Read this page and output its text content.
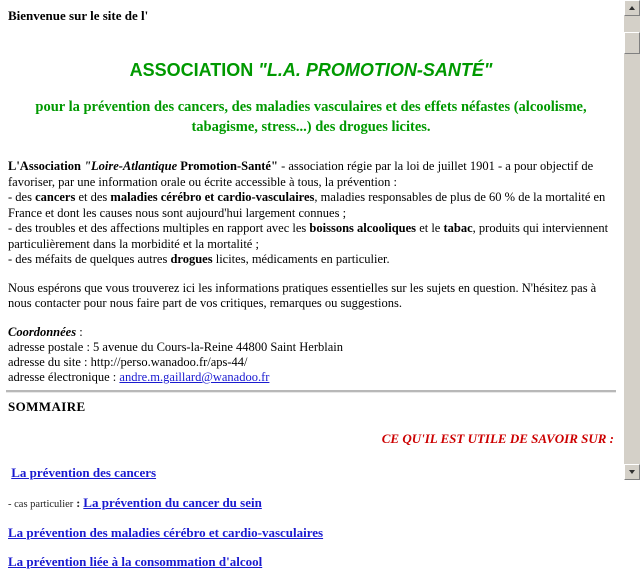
Bienvenue sur le site de l'
ASSOCIATION "L.A. PROMOTION-SANTÉ"
pour la prévention des cancers, des maladies vasculaires et des effets néfastes (alcoolisme,
tabagisme, stress...) des drogues licites.
L'Association "Loire-Atlantique Promotion-Santé" - association régie par la loi de juillet 1901 - a pour objectif de favoriser, par une information orale ou écrite accessible à tous, la prévention :
- des cancers et des maladies cérébro et cardio-vasculaires, maladies responsables de plus de 60 % de la mortalité en France et dont les causes nous sont aujourd'hui largement connues ;
- des troubles et des affections multiples en rapport avec les boissons alcooliques et le tabac, produits qui interviennent particulièrement dans la morbidité et la mortalité ;
- des méfaits de quelques autres drogues licites, médicaments en particulier.
Nous espérons que vous trouverez ici les informations pratiques essentielles sur les sujets en question. N'hésitez pas à nous contacter pour nous faire part de vos critiques, remarques ou suggestions.
Coordonnées :
adresse postale : 5 avenue du Cours-la-Reine 44800 Saint Herblain
adresse du site : http://perso.wanadoo.fr/aps-44/
adresse électronique : andre.m.gaillard@wanadoo.fr
SOMMAIRE
CE QU'IL EST UTILE DE SAVOIR SUR :
La prévention des cancers
- cas particulier : La prévention du cancer du sein
La prévention des maladies cérébro et cardio-vasculaires
La prévention liée à la consommation d'alcool
